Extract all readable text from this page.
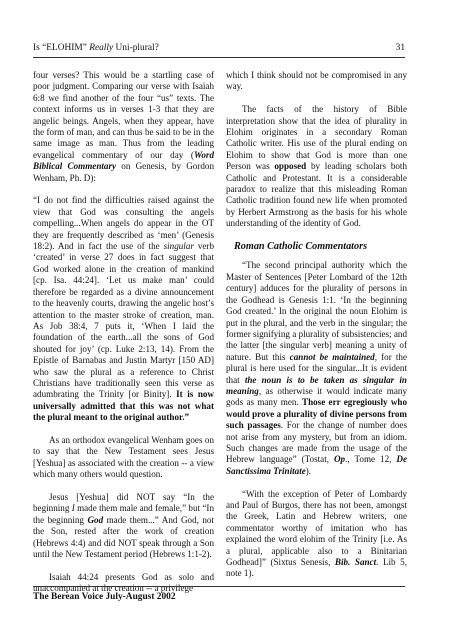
Is “ELOHIM” Really Uni-plural?	31

four verses? This would be a startling case of poor judgment. Comparing our verse with Isaiah 6:8 we find another of the four “us” texts. The context informs us in verses 1-3 that they are angelic beings. Angels, when they appear, have the form of man, and can thus be said to be in the same image as man. Thus from the leading evangelical commentary of our day (Word Biblical Commentary on Genesis, by Gordon Wenham, Ph. D):

“I do not find the difficulties raised against the view that God was consulting the angels compelling...When angels do appear in the OT they are frequently described as ‘men’ (Genesis 18:2). And in fact the use of the singular verb ‘created’ in verse 27 does in fact suggest that God worked alone in the creation of mankind [cp. Isa. 44:24]. ‘Let us make man’ could therefore be regarded as a divine announcement to the heavenly courts, drawing the angelic host’s attention to the master stroke of creation, man. As Job 38:4, 7 puts it, ‘When I laid the foundation of the earth...all the sons of God shouted for joy’ (cp. Luke 2:13, 14). From the Epistle of Barnabas and Justin Martyr [150 AD] who saw the plural as a reference to Christ Christians have traditionally seen this verse as adumbrating the Trinity [or Binity]. It is now universally admitted that this was not what the plural meant to the original author.”

As an orthodox evangelical Wenham goes on to say that the New Testament sees Jesus [Yeshua] as associated with the creation -- a view which many others would question.

Jesus [Yeshua] did NOT say “In the beginning I made them male and female,” but “In the beginning God made them...” And God, not the Son, rested after the work of creation (Hebrews 4:4) and did NOT speak through a Son until the New Testament period (Hebrews 1:1-2).

Isaiah 44:24 presents God as solo and unaccompanied at the creation -- a privilege

which I think should not be compromised in any way.

The facts of the history of Bible interpretation show that the idea of plurality in Elohim originates in a secondary Roman Catholic writer. His use of the plural ending on Elohim to show that God is more than one Person was opposed by leading scholars both Catholic and Protestant. It is a considerable paradox to realize that this misleading Roman Catholic tradition found new life when promoted by Herbert Armstrong as the basis for his whole understanding of the identity of God.

Roman Catholic Commentators

“The second principal authority which the Master of Sentences [Peter Lombard of the 12th century] adduces for the plurality of persons in the Godhead is Genesis 1:1. ‘In the beginning God created.’ In the original the noun Elohim is put in the plural, and the verb in the singular; the former signifying a plurality of subsistencies; and the latter [the singular verb] meaning a unity of nature. But this cannot be maintained, for the plural is here used for the singular...It is evident that the noun is to be taken as singular in meaning, as otherwise it would indicate many gods as many men. Those err egregiously who would prove a plurality of divine persons from such passages. For the change of number does not arise from any mystery, but from an idiom. Such changes are made from the usage of the Hebrew language” (Tostat, Op., Tome 12, De Sanctissima Trinitate).

“With the exception of Peter of Lombardy and Paul of Burgos, there has not been, amongst the Greek, Latin and Hebrew writers, one commentator worthy of imitation who has explained the word elohim of the Trinity [i.e. As a plural, applicable also to a Binitarian Godhead]” (Sixtus Senesis, Bib. Sanct. Lib 5, note 1).

The Berean Voice July-August 2002
